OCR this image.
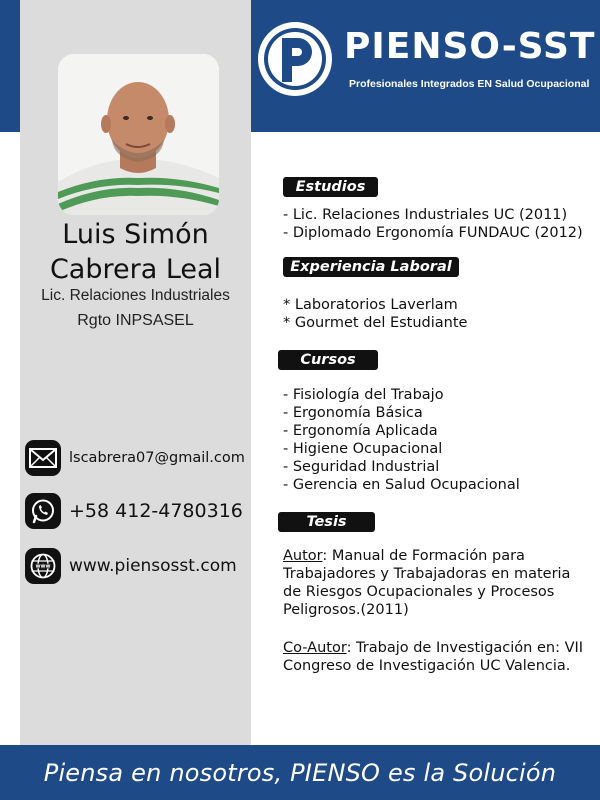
PIENSO-SST
Profesionales Integrados EN Salud Ocupacional
Luis Simón
Cabrera Leal
Lic. Relaciones Industriales
Rgto INPSASEL
lscabrera07@gmail.com
+58 412-4780316
www.piensosst.com
Estudios
- Lic. Relaciones Industriales UC (2011)
- Diplomado Ergonomía FUNDAUC (2012)
Experiencia Laboral
* Laboratorios Laverlam
* Gourmet del Estudiante
Cursos
- Fisiología del Trabajo
- Ergonomía Básica
- Ergonomía Aplicada
- Higiene Ocupacional
- Seguridad Industrial
- Gerencia en Salud Ocupacional
Tesis

Autor: Manual de Formación para Trabajadores y Trabajadoras en materia de Riesgos Ocupacionales y Procesos Peligrosos.(2011)

Co-Autor: Trabajo de Investigación en: VII Congreso de Investigación UC Valencia.

Piensa en nosotros, PIENSO es la Solución
